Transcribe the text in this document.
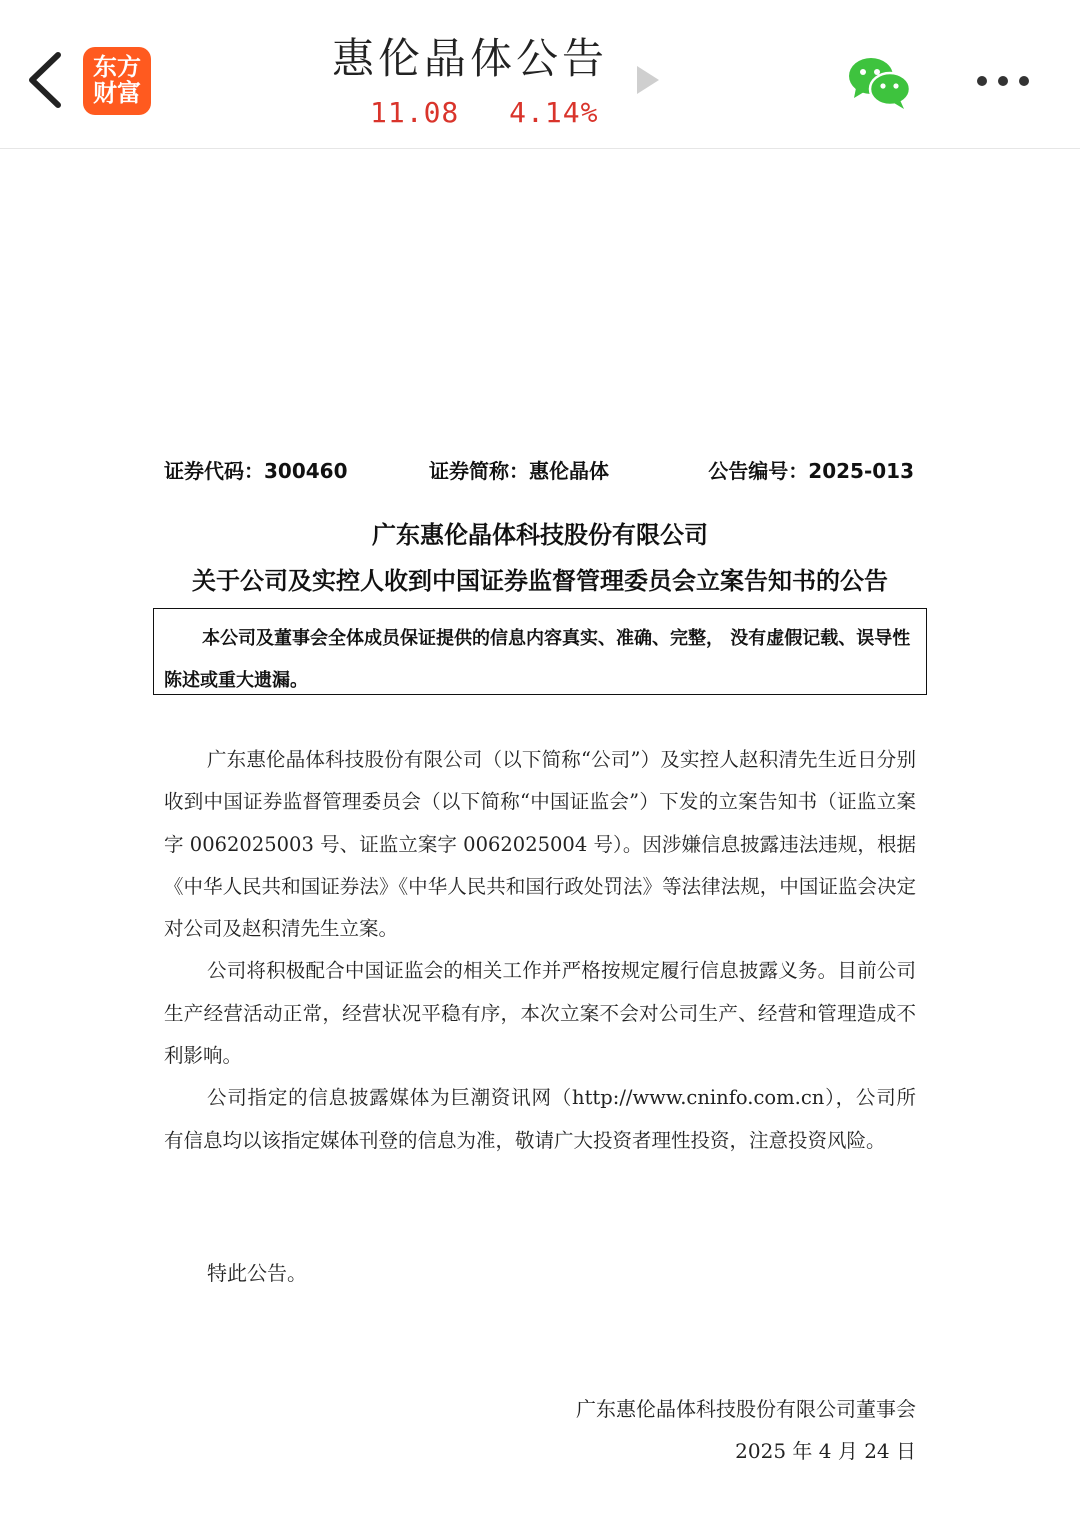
东方
财富
惠伦晶体公告
11.08 4.14%
证券代码：300460	证券简称：惠伦晶体	公告编号：2025-013
广东惠伦晶体科技股份有限公司
关于公司及实控人收到中国证券监督管理委员会立案告知书的公告
本公司及董事会全体成员保证提供的信息内容真实、准确、完整， 没有虚假记载、误导性陈述或重大遗漏。

广东惠伦晶体科技股份有限公司（以下简称“公司”）及实控人赵积清先生近日分别收到中国证券监督管理委员会（以下简称“中国证监会”）下发的立案告知书（证监立案字 0062025003 号、证监立案字 0062025004 号）。因涉嫌信息披露违法违规，根据《中华人民共和国证券法》《中华人民共和国行政处罚法》等法律法规，中国证监会决定对公司及赵积清先生立案。

公司将积极配合中国证监会的相关工作并严格按规定履行信息披露义务。目前公司生产经营活动正常，经营状况平稳有序，本次立案不会对公司生产、经营和管理造成不利影响。

公司指定的信息披露媒体为巨潮资讯网（http://www.cninfo.com.cn），公司所有信息均以该指定媒体刊登的信息为准，敬请广大投资者理性投资，注意投资风险。

特此公告。
广东惠伦晶体科技股份有限公司董事会
2025 年 4 月 24 日
